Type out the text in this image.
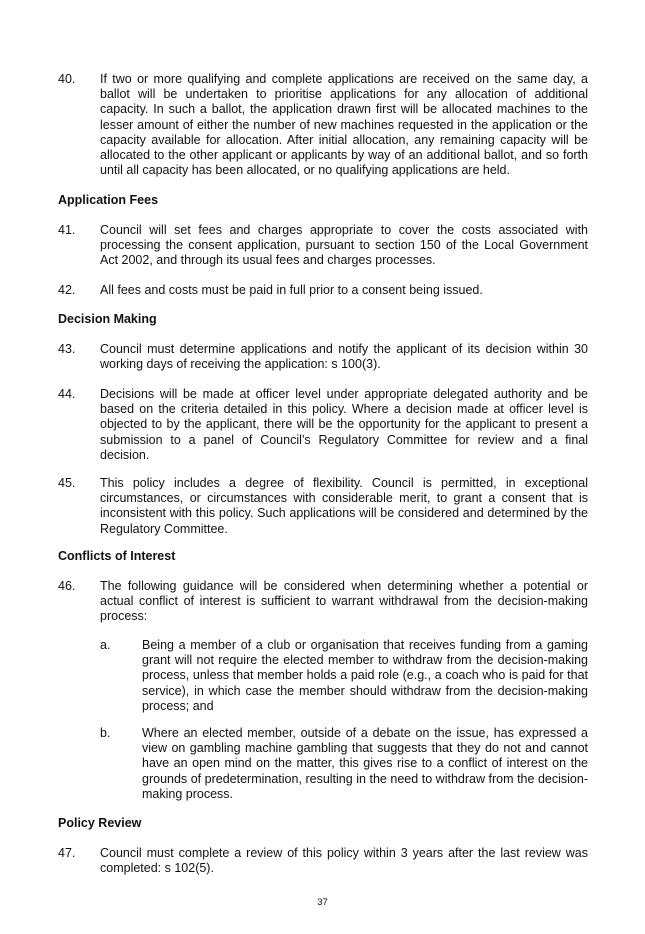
40.	If two or more qualifying and complete applications are received on the same day, a ballot will be undertaken to prioritise applications for any allocation of additional capacity. In such a ballot, the application drawn first will be allocated machines to the lesser amount of either the number of new machines requested in the application or the capacity available for allocation. After initial allocation, any remaining capacity will be allocated to the other applicant or applicants by way of an additional ballot, and so forth until all capacity has been allocated, or no qualifying applications are held.
Application Fees
41.	Council will set fees and charges appropriate to cover the costs associated with processing the consent application, pursuant to section 150 of the Local Government Act 2002, and through its usual fees and charges processes.
42.	All fees and costs must be paid in full prior to a consent being issued.
Decision Making
43.	Council must determine applications and notify the applicant of its decision within 30 working days of receiving the application: s 100(3).
44.	Decisions will be made at officer level under appropriate delegated authority and be based on the criteria detailed in this policy. Where a decision made at officer level is objected to by the applicant, there will be the opportunity for the applicant to present a submission to a panel of Council’s Regulatory Committee for review and a final decision.
45.	This policy includes a degree of flexibility. Council is permitted, in exceptional circumstances, or circumstances with considerable merit, to grant a consent that is inconsistent with this policy. Such applications will be considered and determined by the Regulatory Committee.
Conflicts of Interest
46.	The following guidance will be considered when determining whether a potential or actual conflict of interest is sufficient to warrant withdrawal from the decision-making process:
a.	Being a member of a club or organisation that receives funding from a gaming grant will not require the elected member to withdraw from the decision-making process, unless that member holds a paid role (e.g., a coach who is paid for that service), in which case the member should withdraw from the decision-making process; and
b.	Where an elected member, outside of a debate on the issue, has expressed a view on gambling machine gambling that suggests that they do not and cannot have an open mind on the matter, this gives rise to a conflict of interest on the grounds of predetermination, resulting in the need to withdraw from the decision-making process.
Policy Review
47.	Council must complete a review of this policy within 3 years after the last review was completed: s 102(5).
37
